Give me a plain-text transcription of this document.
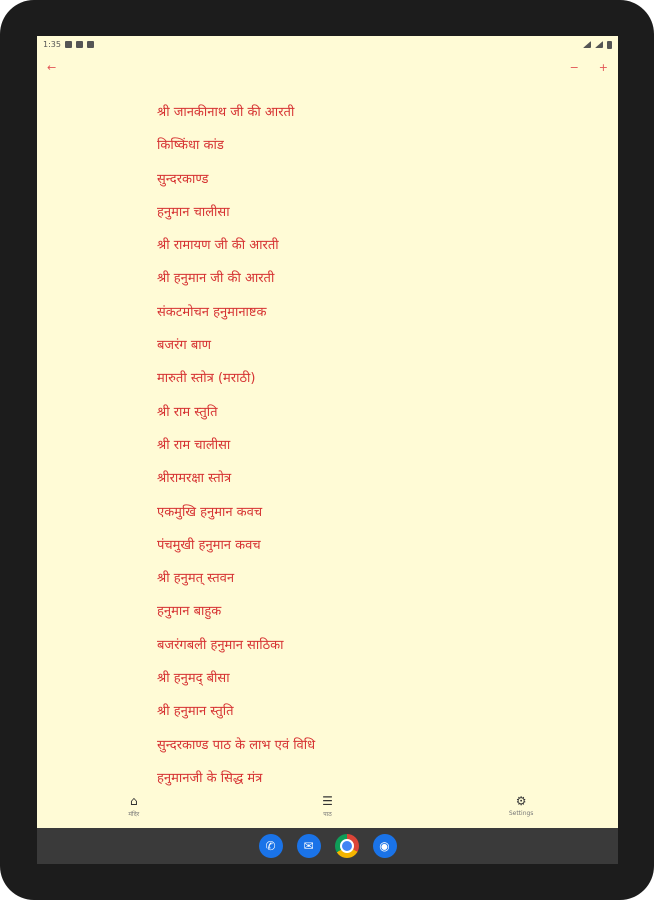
1:35
←	− +
श्री जानकीनाथ जी की आरती
किष्किंधा कांड
सुन्दरकाण्ड
हनुमान चालीसा
श्री रामायण जी की आरती
श्री हनुमान जी की आरती
संकटमोचन हनुमानाष्टक
बजरंग बाण
मारुती स्तोत्र (मराठी)
श्री राम स्तुति
श्री राम चालीसा
श्रीरामरक्षा स्तोत्र
एकमुखि हनुमान कवच
पंचमुखी हनुमान कवच
श्री हनुमत् स्तवन
हनुमान बाहुक
बजरंगबली हनुमान साठिका
श्री हनुमद् बीसा
श्री हनुमान स्तुति
सुन्दरकाण्ड पाठ के लाभ एवं विधि
हनुमानजी के सिद्ध मंत्र
⌂
मंदिर
☰
पाठ
⚙
Settings
✆ ✉	◉
